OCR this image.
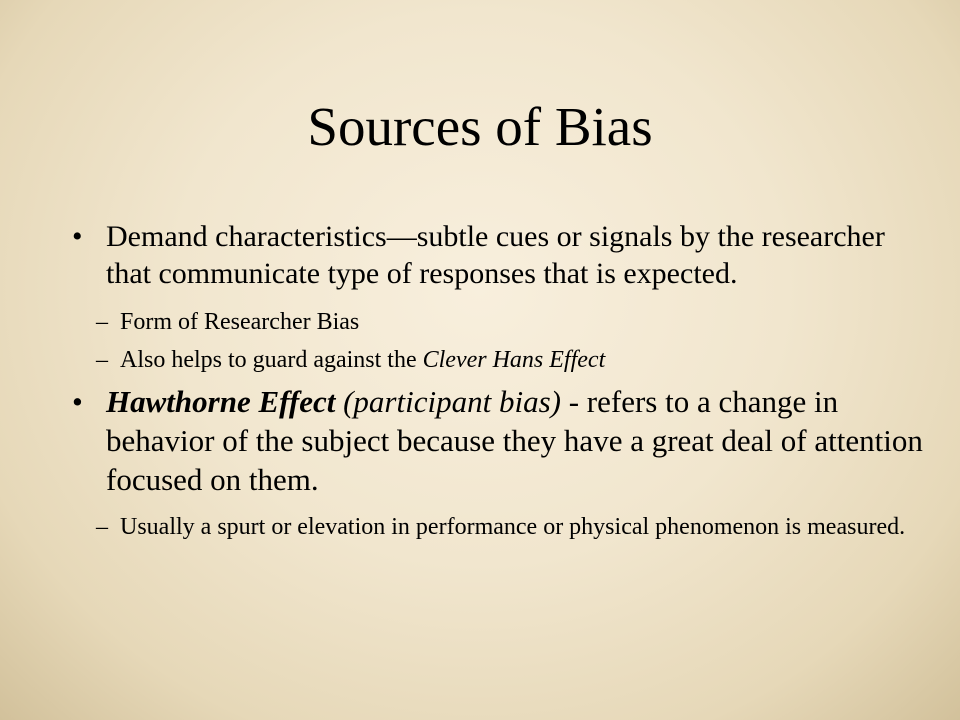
Sources of Bias

• Demand characteristics—subtle cues or signals by the researcher that communicate type of responses that is expected.

– Form of Researcher Bias

– Also helps to guard against the Clever Hans Effect

• Hawthorne Effect (participant bias) - refers to a change in behavior of the subject because they have a great deal of attention focused on them.

– Usually a spurt or elevation in performance or physical phenomenon is measured.
